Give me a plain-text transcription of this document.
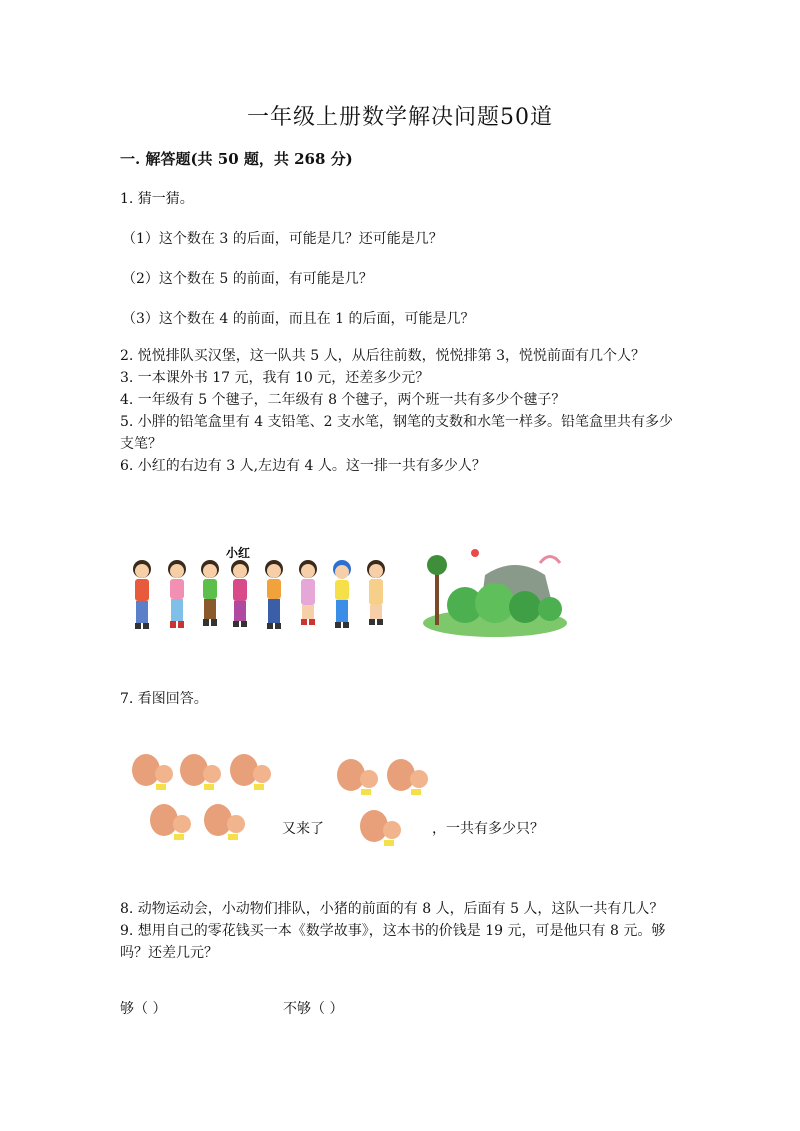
一年级上册数学解决问题50道
一. 解答题(共 50 题，共 268 分)
1. 猜一猜。
（1）这个数在 3 的后面，可能是几？还可能是几？
（2）这个数在 5 的前面，有可能是几？
（3）这个数在 4 的前面，而且在 1 的后面，可能是几？

2. 悦悦排队买汉堡，这一队共 5 人，从后往前数，悦悦排第 3，悦悦前面有几个人？

3. 一本课外书 17 元，我有 10 元，还差多少元？

4. 一年级有 5 个毽子，二年级有 8 个毽子，两个班一共有多少个毽子？

5. 小胖的铅笔盒里有 4 支铅笔、2 支水笔，钢笔的支数和水笔一样多。铅笔盒里共有多少支笔？

6. 小红的右边有 3 人,左边有 4 人。这一排一共有多少人？

小红
7. 看图回答。
又来了	，一共有多少只？

8. 动物运动会，小动物们排队，小猪的前面的有 8 人，后面有 5 人，这队一共有几人？

9. 想用自己的零花钱买一本《数学故事》，这本书的价钱是 19 元，可是他只有 8 元。够吗？还差几元？

够（ ）	不够（ ）
